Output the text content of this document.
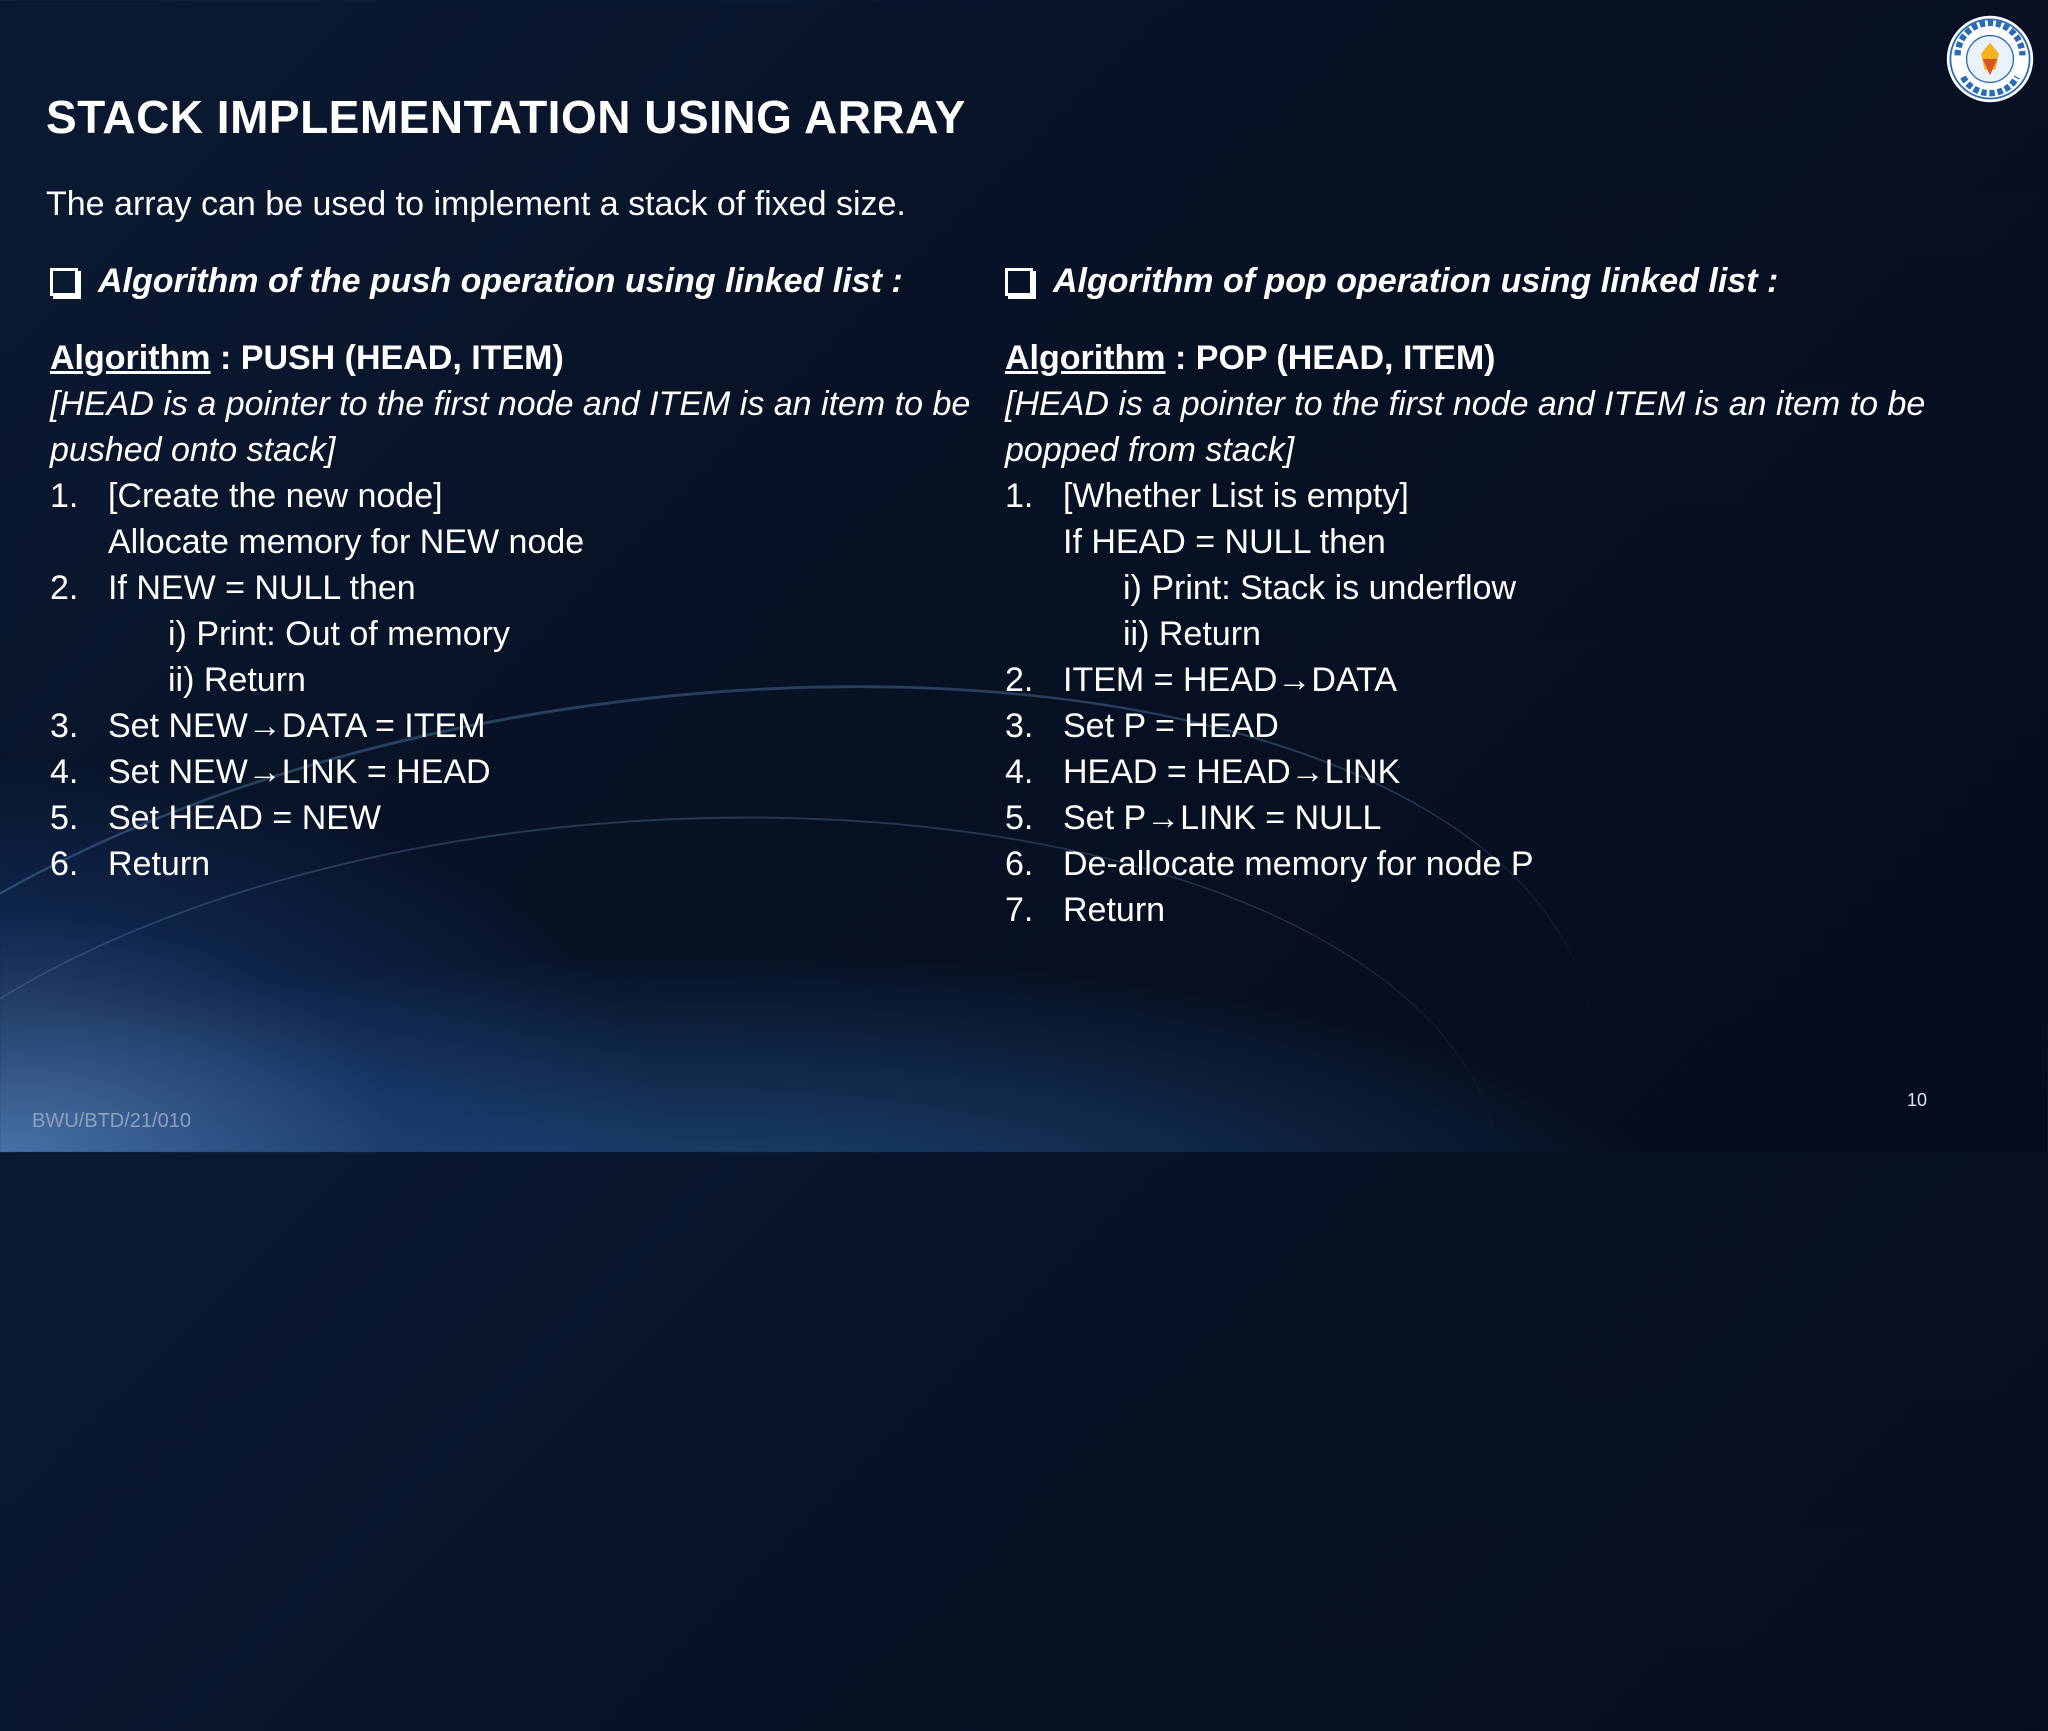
STACK IMPLEMENTATION USING ARRAY
The array can be used to implement a stack of fixed size.
Algorithm of the push operation using linked list :
Algorithm : PUSH (HEAD, ITEM)
[HEAD is a pointer to the first node and ITEM is an item to be pushed onto stack]
1. [Create the new node]
Allocate memory for NEW node
2. If NEW = NULL then
i) Print: Out of memory
ii) Return
3. Set NEW→DATA = ITEM
4. Set NEW→LINK = HEAD
5. Set HEAD = NEW
6. Return
Algorithm of pop operation using linked list :
Algorithm : POP (HEAD, ITEM)
[HEAD is a pointer to the first node and ITEM is an item to be popped from stack]
1. [Whether List is empty]
If HEAD = NULL then
i) Print: Stack is underflow
ii) Return
2. ITEM = HEAD→DATA
3. Set P = HEAD
4. HEAD = HEAD→LINK
5. Set P→LINK = NULL
6. De-allocate memory for node P
7. Return
BWU/BTD/21/010
10
